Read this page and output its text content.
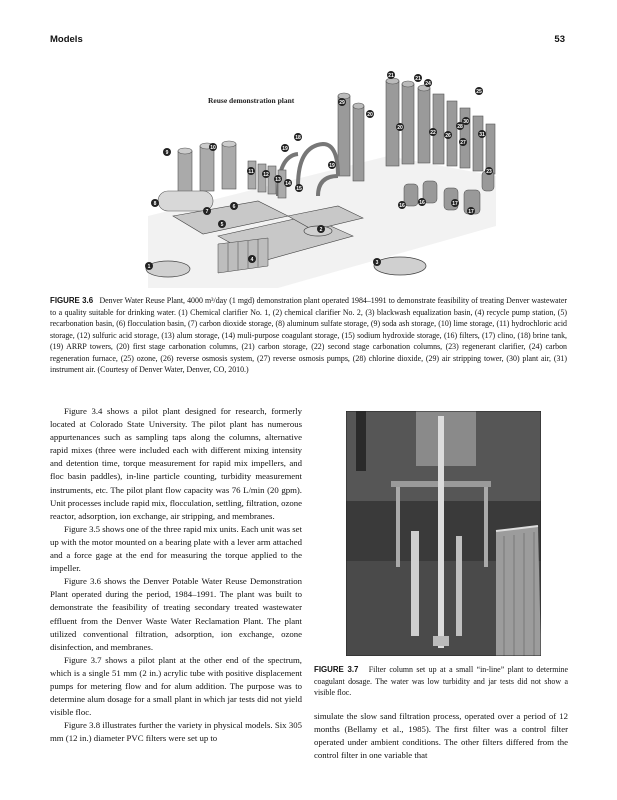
Models	53
Reuse demonstration plant
1
2
3
4
5
6
7
8
9
10
11 12
13
14
15
16	16	17
17
18
19
19
20
20
21	21
22
23
24
25
26
27
28
29
30
31
FIGURE 3.6 Denver Water Reuse Plant, 4000 m³/day (1 mgd) demonstration plant operated 1984–1991 to demonstrate feasibility of treating Denver wastewater to a quality suitable for drinking water. (1) Chemical clarifier No. 1, (2) chemical clarifier No. 2, (3) blackwash equalization basin, (4) recycle pump station, (5) recarbonation basin, (6) flocculation basin, (7) carbon dioxide storage, (8) aluminum sulfate storage, (9) soda ash storage, (10) lime storage, (11) hydrochloric acid storage, (12) sulfuric acid storage, (13) alum storage, (14) muli-purpose coagulant storage, (15) sodium hydroxide storage, (16) filters, (17) clino, (18) brine tank, (19) ARRP towers, (20) first stage carbonation columns, (21) carbon storage, (22) second stage carbonation columns, (23) regenerant clarifier, (24) carbon regeneration furnace, (25) ozone, (26) reverse osmosis system, (27) reverse osmosis pumps, (28) chlorine dioxide, (29) air stripping tower, (30) plant air, (31) instrument air. (Courtesy of Denver Water, Denver, CO, 2010.)

Figure 3.4 shows a pilot plant designed for research, formerly located at Colorado State University. The pilot plant has numerous appurtenances such as sampling taps along the columns, alternative rapid mixes (three were included each with different mixing intensity and detention time, torque measurement for rapid mix impellers, and floc basin paddles), in-line particle counting, turbidity measurement instruments, etc. The pilot plant flow capacity was 76 L/min (20 gpm). Unit processes include rapid mix, flocculation, settling, filtration, ozone reactor, adsorption, ion exchange, air stripping, and membranes.

Figure 3.5 shows one of the three rapid mix units. Each unit was set up with the motor mounted on a bearing plate with a lever arm attached and a force gage at the end for measuring the torque applied to the impeller.

Figure 3.6 shows the Denver Potable Water Reuse Demonstration Plant operated during the period, 1984–1991. The plant was built to demonstrate the feasibility of treating secondary treated wastewater effluent from the Denver Waste Water Reclamation Plant. The plant utilized conventional filtration, adsorption, ion exchange, ozone disinfection, and membranes.

Figure 3.7 shows a pilot plant at the other end of the spectrum, which is a single 51 mm (2 in.) acrylic tube with positive displacement pumps for metering flow and for alum addition. The purpose was to determine alum dosage for a small plant in which jar tests did not yield visible floc.

Figure 3.8 illustrates further the variety in physical models. Six 305 mm (12 in.) diameter PVC filters were set up to

FIGURE 3.7 Filter column set up at a small “in-line” plant to determine coagulant dosage. The water was low turbidity and jar tests did not show a visible floc.

simulate the slow sand filtration process, operated over a period of 12 months (Bellamy et al., 1985). The first filter was a control filter operated under ambient conditions. The other filters differed from the control filter in one variable that
